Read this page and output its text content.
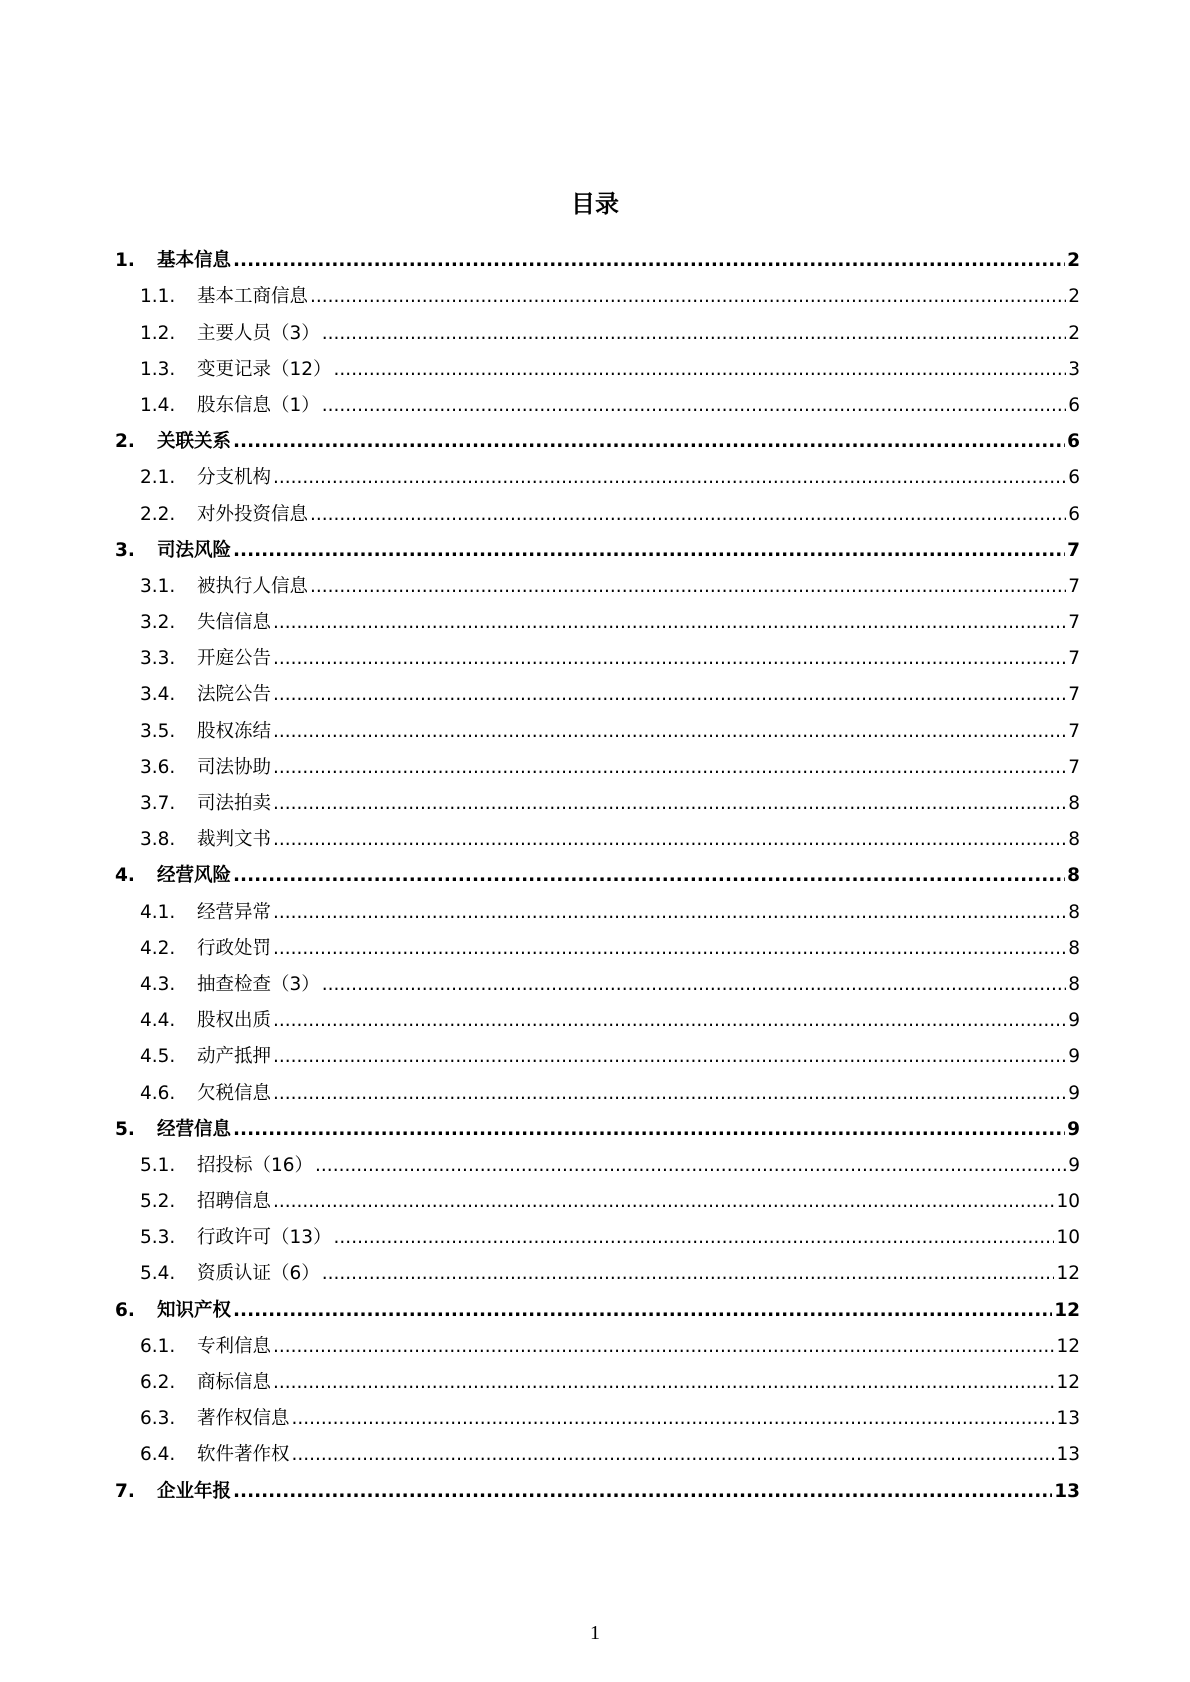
目录
1.	基本信息 .....	2
1.1.	基本工商信息 .....	2
1.2.	主要人员（3） .....	2
1.3.	变更记录（12） .....	3
1.4.	股东信息（1） .....	6
2.	关联关系 .....	6
2.1.	分支机构 .....	6
2.2.	对外投资信息 .....	6
3.	司法风险 .....	7
3.1.	被执行人信息 .....	7
3.2.	失信信息 .....	7
3.3.	开庭公告 .....	7
3.4.	法院公告 .....	7
3.5.	股权冻结 .....	7
3.6.	司法协助 .....	7
3.7.	司法拍卖 .....	8
3.8.	裁判文书 .....	8
4.	经营风险 .....	8
4.1.	经营异常 .....	8
4.2.	行政处罚 .....	8
4.3.	抽查检查（3） .....	8
4.4.	股权出质 .....	9
4.5.	动产抵押 .....	9
4.6.	欠税信息 .....	9
5.	经营信息 .....	9
5.1.	招投标（16） .....	9
5.2.	招聘信息 .....	10
5.3.	行政许可（13） .....	10
5.4.	资质认证（6） .....	12
6.	知识产权 .....	12
6.1.	专利信息 .....	12
6.2.	商标信息 .....	12
6.3.	著作权信息 .....	13
6.4.	软件著作权 .....	13
7.	企业年报 .....	13
1
